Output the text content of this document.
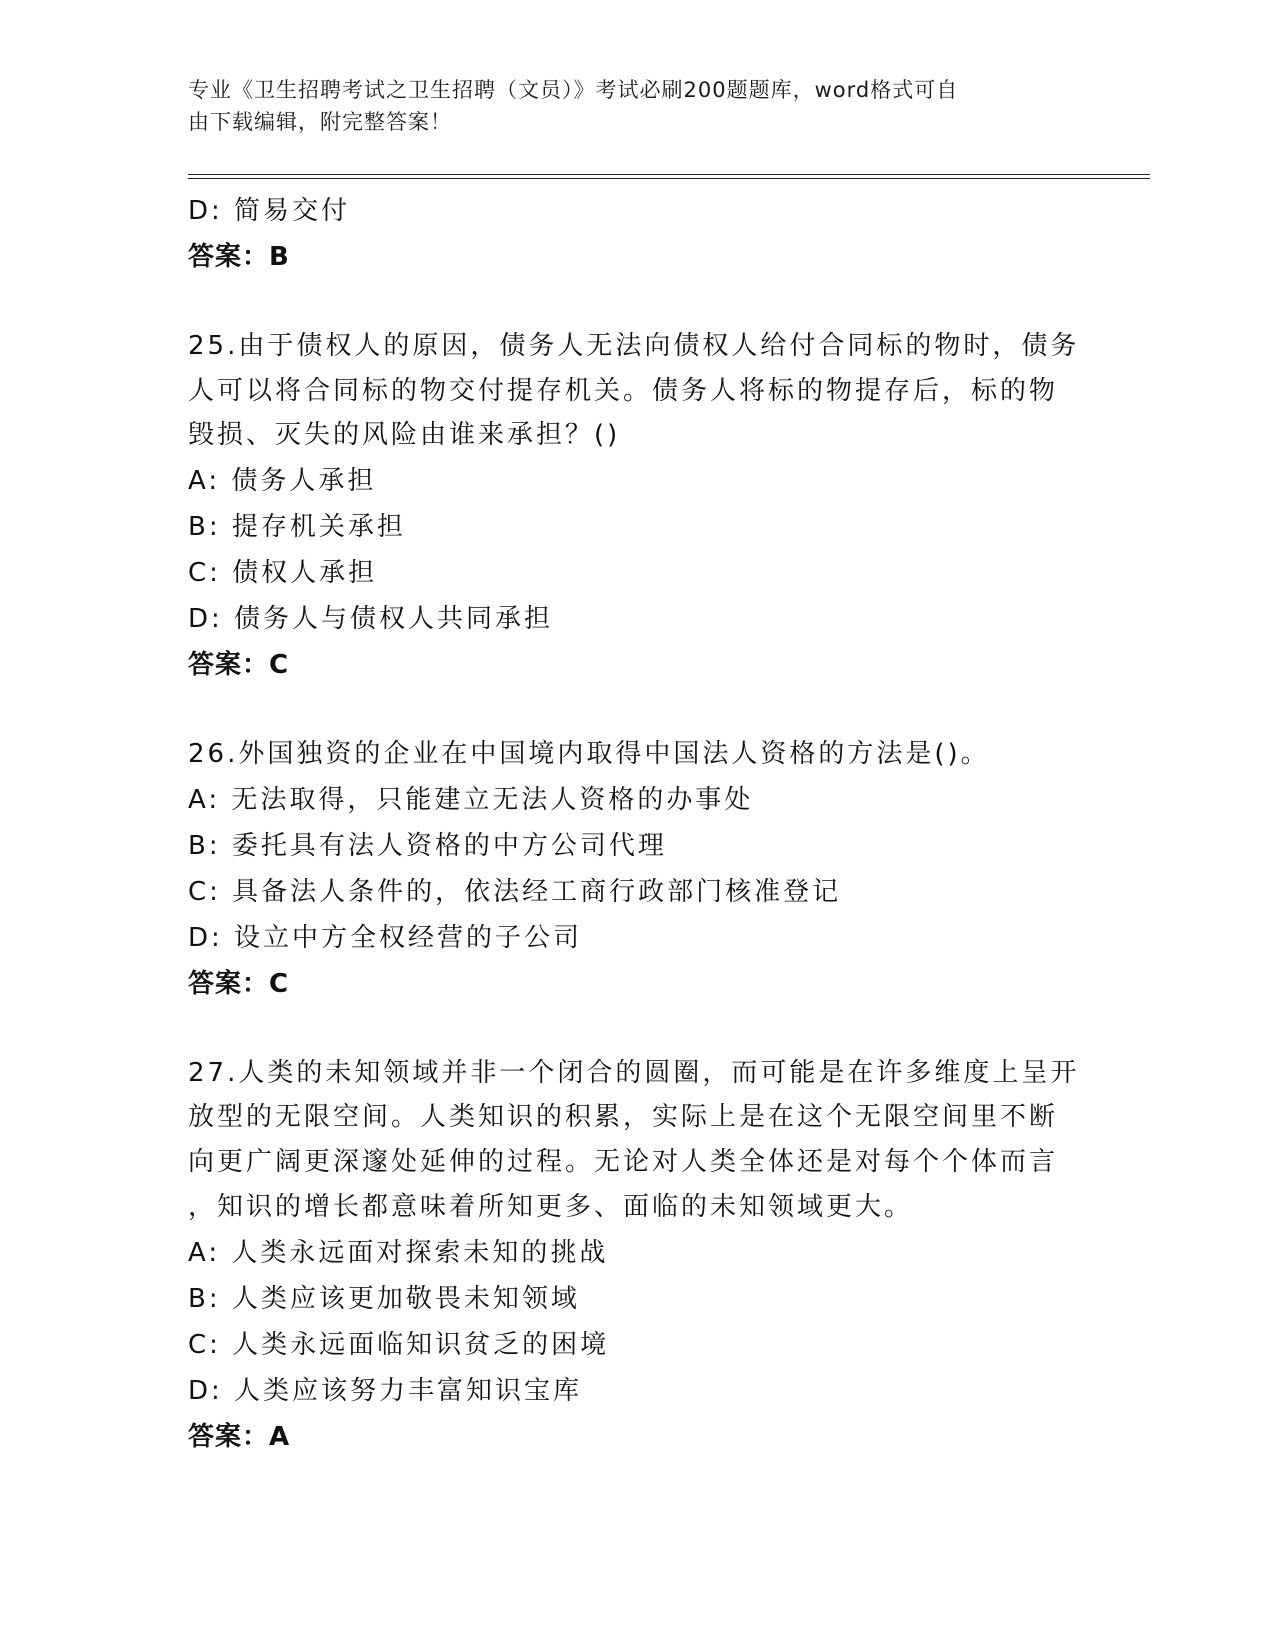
专业《卫生招聘考试之卫生招聘（文员）》考试必刷200题题库，word格式可自
由下载编辑，附完整答案！
D: 简易交付
答案：B
25.由于债权人的原因，债务人无法向债权人给付合同标的物时，债务
人可以将合同标的物交付提存机关。债务人将标的物提存后，标的物
毁损、灭失的风险由谁来承担？()
A: 债务人承担
B: 提存机关承担
C: 债权人承担
D: 债务人与债权人共同承担
答案：C
26.外国独资的企业在中国境内取得中国法人资格的方法是()。
A: 无法取得，只能建立无法人资格的办事处
B: 委托具有法人资格的中方公司代理
C: 具备法人条件的，依法经工商行政部门核准登记
D: 设立中方全权经营的子公司
答案：C
27.人类的未知领域并非一个闭合的圆圈，而可能是在许多维度上呈开
放型的无限空间。人类知识的积累，实际上是在这个无限空间里不断
向更广阔更深邃处延伸的过程。无论对人类全体还是对每个个体而言
，知识的增长都意味着所知更多、面临的未知领域更大。
A: 人类永远面对探索未知的挑战
B: 人类应该更加敬畏未知领域
C: 人类永远面临知识贫乏的困境
D: 人类应该努力丰富知识宝库
答案：A
